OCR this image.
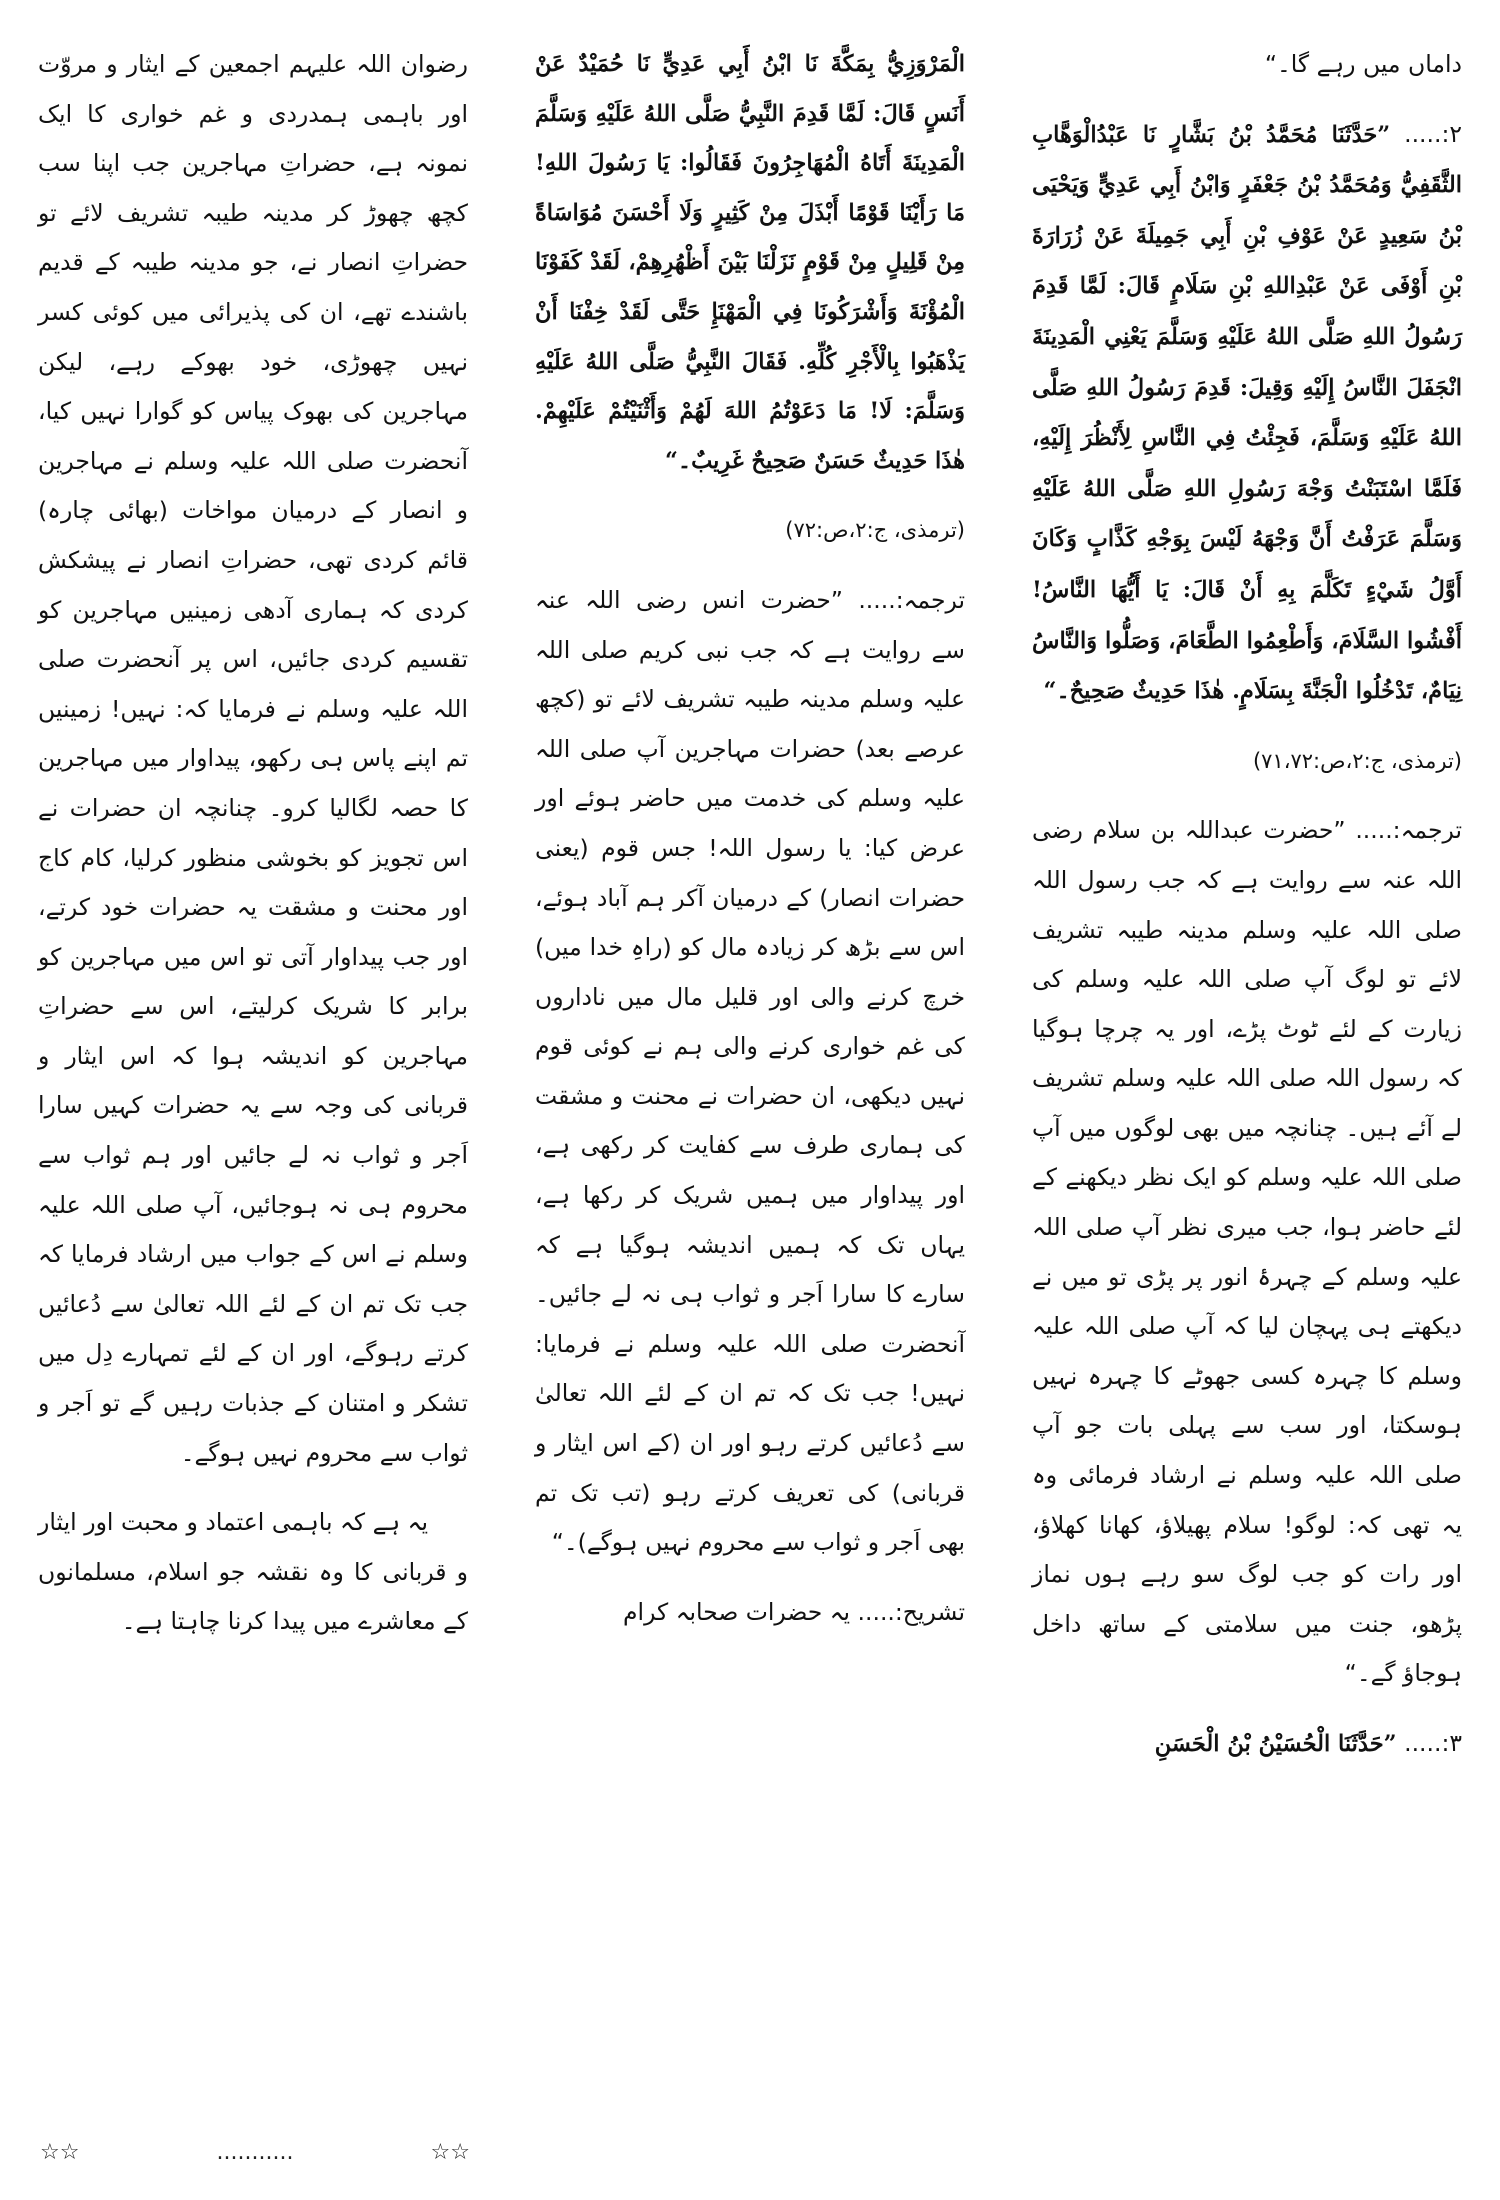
داماں میں رہے گا۔“

۲:..... ”حَدَّثَنَا مُحَمَّدُ بْنُ بَشَّارٍ نَا عَبْدُالْوَهَّابِ الثَّقَفِيُّ وَمُحَمَّدُ بْنُ جَعْفَرٍ وَابْنُ أَبِي عَدِيٍّ وَيَحْيَى بْنُ سَعِيدٍ عَنْ عَوْفِ بْنِ أَبِي جَمِيلَةَ عَنْ زُرَارَةَ بْنِ أَوْفَى عَنْ عَبْدِاللهِ بْنِ سَلَامٍ قَالَ: لَمَّا قَدِمَ رَسُولُ اللهِ صَلَّى اللهُ عَلَيْهِ وَسَلَّمَ يَعْنِي الْمَدِينَةَ انْجَفَلَ النَّاسُ إِلَيْهِ وَقِيلَ: قَدِمَ رَسُولُ اللهِ صَلَّى اللهُ عَلَيْهِ وَسَلَّمَ، فَجِئْتُ فِي النَّاسِ لِأَنْظُرَ إِلَيْهِ، فَلَمَّا اسْتَبَنْتُ وَجْهَ رَسُولِ اللهِ صَلَّى اللهُ عَلَيْهِ وَسَلَّمَ عَرَفْتُ أَنَّ وَجْهَهُ لَيْسَ بِوَجْهِ كَذَّابٍ وَكَانَ أَوَّلُ شَيْءٍ تَكَلَّمَ بِهِ أَنْ قَالَ: يَا أَيُّهَا النَّاسُ! أَفْشُوا السَّلَامَ، وَأَطْعِمُوا الطَّعَامَ، وَصَلُّوا وَالنَّاسُ نِيَامٌ، تَدْخُلُوا الْجَنَّةَ بِسَلَامٍ. هٰذَا حَدِيثٌ صَحِيحٌ۔“

(ترمذی، ج:۲،ص:۷۱،۷۲)

ترجمہ:..... ”حضرت عبداللہ بن سلام رضی اللہ عنہ سے روایت ہے کہ جب رسول اللہ صلی اللہ علیہ وسلم مدینہ طیبہ تشریف لائے تو لوگ آپ صلی اللہ علیہ وسلم کی زیارت کے لئے ٹوٹ پڑے، اور یہ چرچا ہوگیا کہ رسول اللہ صلی اللہ علیہ وسلم تشریف لے آئے ہیں۔ چنانچہ میں بھی لوگوں میں آپ صلی اللہ علیہ وسلم کو ایک نظر دیکھنے کے لئے حاضر ہوا، جب میری نظر آپ صلی اللہ علیہ وسلم کے چہرۂ انور پر پڑی تو میں نے دیکھتے ہی پہچان لیا کہ آپ صلی اللہ علیہ وسلم کا چہرہ کسی جھوٹے کا چہرہ نہیں ہوسکتا، اور سب سے پہلی بات جو آپ صلی اللہ علیہ وسلم نے ارشاد فرمائی وہ یہ تھی کہ: لوگو! سلام پھیلاؤ، کھانا کھلاؤ، اور رات کو جب لوگ سو رہے ہوں نماز پڑھو، جنت میں سلامتی کے ساتھ داخل ہوجاؤ گے۔“

۳:..... ”حَدَّثَنَا الْحُسَيْنُ بْنُ الْحَسَنِ

الْمَرْوَزِيُّ بِمَكَّةَ نَا ابْنُ أَبِي عَدِيٍّ نَا حُمَيْدٌ عَنْ أَنَسٍ قَالَ: لَمَّا قَدِمَ النَّبِيُّ صَلَّى اللهُ عَلَيْهِ وَسَلَّمَ الْمَدِينَةَ أَتَاهُ الْمُهَاجِرُونَ فَقَالُوا: يَا رَسُولَ اللهِ! مَا رَأَيْنَا قَوْمًا أَبْذَلَ مِنْ كَثِيرٍ وَلَا أَحْسَنَ مُوَاسَاةً مِنْ قَلِيلٍ مِنْ قَوْمٍ نَزَلْنَا بَيْنَ أَظْهُرِهِمْ، لَقَدْ كَفَوْنَا الْمُؤْنَةَ وَأَشْرَكُونَا فِي الْمَهْنَإِ حَتَّى لَقَدْ خِفْنَا أَنْ يَذْهَبُوا بِالْأَجْرِ كُلِّهِ. فَقَالَ النَّبِيُّ صَلَّى اللهُ عَلَيْهِ وَسَلَّمَ: لَا! مَا دَعَوْتُمُ اللهَ لَهُمْ وَأَثْنَيْتُمْ عَلَيْهِمْ. هٰذَا حَدِيثٌ حَسَنٌ صَحِيحٌ غَرِيبٌ۔“

(ترمذی، ج:۲،ص:۷۲)

ترجمہ:..... ”حضرت انس رضی اللہ عنہ سے روایت ہے کہ جب نبی کریم صلی اللہ علیہ وسلم مدینہ طیبہ تشریف لائے تو (کچھ عرصے بعد) حضرات مہاجرین آپ صلی اللہ علیہ وسلم کی خدمت میں حاضر ہوئے اور عرض کیا: یا رسول اللہ! جس قوم (یعنی حضرات انصار) کے درمیان آکر ہم آباد ہوئے، اس سے بڑھ کر زیادہ مال کو (راہِ خدا میں) خرچ کرنے والی اور قلیل مال میں ناداروں کی غم خواری کرنے والی ہم نے کوئی قوم نہیں دیکھی، ان حضرات نے محنت و مشقت کی ہماری طرف سے کفایت کر رکھی ہے، اور پیداوار میں ہمیں شریک کر رکھا ہے، یہاں تک کہ ہمیں اندیشہ ہوگیا ہے کہ سارے کا سارا اَجر و ثواب ہی نہ لے جائیں۔ آنحضرت صلی اللہ علیہ وسلم نے فرمایا: نہیں! جب تک کہ تم ان کے لئے اللہ تعالیٰ سے دُعائیں کرتے رہو اور ان (کے اس ایثار و قربانی) کی تعریف کرتے رہو (تب تک تم بھی اَجر و ثواب سے محروم نہیں ہوگے)۔“

تشریح:..... یہ حضرات صحابہ کرام

رضوان اللہ علیہم اجمعین کے ایثار و مروّت اور باہمی ہمدردی و غم خواری کا ایک نمونہ ہے، حضراتِ مہاجرین جب اپنا سب کچھ چھوڑ کر مدینہ طیبہ تشریف لائے تو حضراتِ انصار نے، جو مدینہ طیبہ کے قدیم باشندے تھے، ان کی پذیرائی میں کوئی کسر نہیں چھوڑی، خود بھوکے رہے، لیکن مہاجرین کی بھوک پیاس کو گوارا نہیں کیا، آنحضرت صلی اللہ علیہ وسلم نے مہاجرین و انصار کے درمیان مواخات (بھائی چارہ) قائم کردی تھی، حضراتِ انصار نے پیشکش کردی کہ ہماری آدھی زمینیں مہاجرین کو تقسیم کردی جائیں، اس پر آنحضرت صلی اللہ علیہ وسلم نے فرمایا کہ: نہیں! زمینیں تم اپنے پاس ہی رکھو، پیداوار میں مہاجرین کا حصہ لگالیا کرو۔ چنانچہ ان حضرات نے اس تجویز کو بخوشی منظور کرلیا، کام کاج اور محنت و مشقت یہ حضرات خود کرتے، اور جب پیداوار آتی تو اس میں مہاجرین کو برابر کا شریک کرلیتے، اس سے حضراتِ مہاجرین کو اندیشہ ہوا کہ اس ایثار و قربانی کی وجہ سے یہ حضرات کہیں سارا اَجر و ثواب نہ لے جائیں اور ہم ثواب سے محروم ہی نہ ہوجائیں، آپ صلی اللہ علیہ وسلم نے اس کے جواب میں ارشاد فرمایا کہ جب تک تم ان کے لئے اللہ تعالیٰ سے دُعائیں کرتے رہوگے، اور ان کے لئے تمہارے دِل میں تشکر و امتنان کے جذبات رہیں گے تو اَجر و ثواب سے محروم نہیں ہوگے۔

یہ ہے کہ باہمی اعتماد و محبت اور ایثار و قربانی کا وہ نقشہ جو اسلام، مسلمانوں کے معاشرے میں پیدا کرنا چاہتا ہے۔

☆☆
...........
☆☆
